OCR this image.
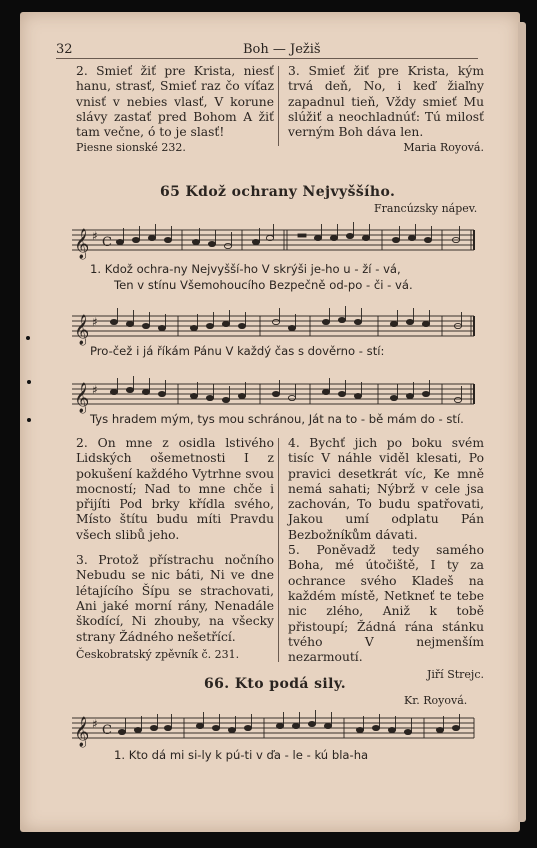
32	Boh — Ježiš

2. Smieť žiť pre Krista, niesť hanu, strasť, Smieť raz čo víťaz vnisť v nebies vlasť, V korune slávy zastať pred Bohom A žiť tam večne, ó to je slasť!

Piesne sionské 232.

3. Smieť žiť pre Krista, kým trvá deň, No, i keď žiaľny zapadnul tieň, Vždy smieť Mu slúžiť a neochladnúť: Tú milosť verným Boh dáva len.

Maria Royová.

65 Kdož ochrany Nejvyššího.
Francúzsky nápev.
𝄞 ♯ C
1. Kdož ochra-ny Nejvyšší-ho V skrýši je-ho u - ží - vá,
Ten v stínu Všemohoucího Bezpečně od-po - či - vá.
𝄞 ♯
Pro-čež i já říkám Pánu V každý čas s dověrno - stí:
𝄞 ♯
Tys hradem mým, tys mou schránou, Ját na to - bě mám do - stí.

2. On mne z osidla lstivého Lidských ošemetnosti I z pokušení každého Vytrhne svou mocností; Nad to mne chče i přijíti Pod brky křídla svého, Místo štítu budu míti Pravdu všech slibů jeho.

3. Protož přístrachu nočního Nebudu se nic báti, Ni ve dne létajícího Šípu se strachovati, Ani jaké morní rány, Nenadále škodící, Ni zhouby, na všecky strany Žádného nešetřící.

Českobratský zpěvník č. 231.

4. Bychť jich po boku svém tisíc V náhle viděl klesati, Po pravici desetkrát víc, Ke mně nemá sahati; Nýbrž v cele jsa zachován, To budu spatřovati, Jakou umí odplatu Pán Bezbožníkům dávati.

5. Poněvadž tedy samého Boha, mé útočiště, I ty za ochrance svého Kladeš na každém místě, Netkneť te tebe nic zlého, Aniž k tobě přistoupí; Žádná rána stánku tvého V nejmenším nezarmoutí.

Jiří Strejc.

66. Kto podá sily.
Kr. Royová.
𝄞 ♯ C
1. Kto dá mi si-ly k pú-ti v ďa - le - kú bla-ha
